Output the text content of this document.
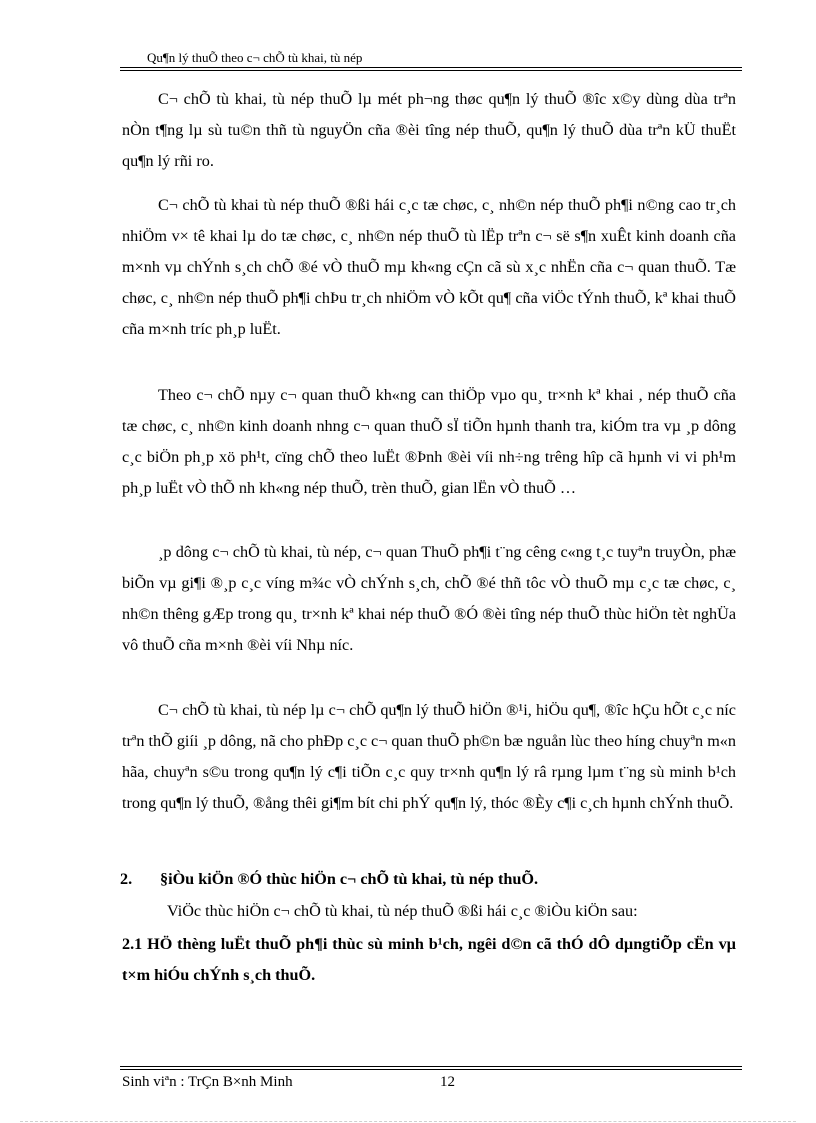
Qu¶n lý thuÕ theo c¬ chÕ tù khai, tù nép

C¬ chÕ tù khai, tù nép thuÕ lµ mét ph¬ng thøc qu¶n lý thuÕ ®îc x©y dùng dùa trªn nÒn t¶ng lµ sù tu©n thñ tù nguyÖn cña ®èi tîng nép thuÕ, qu¶n lý thuÕ dùa trªn kÜ thuËt qu¶n lý rñi ro.

C¬ chÕ tù khai tù nép thuÕ ®ßi hái c¸c tæ chøc, c¸ nh©n nép thuÕ ph¶i n©ng cao tr¸ch nhiÖm v× tê khai lµ do tæ chøc, c¸ nh©n nép thuÕ tù lËp trªn c¬ së s¶n xuÊt kinh doanh cña m×nh vµ chÝnh s¸ch chÕ ®é vÒ thuÕ mµ kh«ng cÇn cã sù x¸c nhËn cña c¬ quan thuÕ. Tæ chøc, c¸ nh©n nép thuÕ ph¶i chÞu tr¸ch nhiÖm vÒ kÕt qu¶ cña viÖc tÝnh thuÕ, kª khai thuÕ cña m×nh tríc ph¸p luËt.

Theo c¬ chÕ nµy c¬ quan thuÕ kh«ng can thiÖp vµo qu¸ tr×nh kª khai , nép thuÕ cña tæ chøc, c¸ nh©n kinh doanh nhng c¬ quan thuÕ sÏ tiÕn hµnh thanh tra, kiÓm tra vµ ¸p dông c¸c biÖn ph¸p xö ph¹t, cïng chÕ theo luËt ®Þnh ®èi víi nh÷ng trêng hîp cã hµnh vi vi ph¹m ph¸p luËt vÒ thÕ nh kh«ng nép thuÕ, trèn thuÕ, gian lËn vÒ thuÕ …

¸p dông c¬ chÕ tù khai, tù nép, c¬ quan ThuÕ ph¶i t¨ng cêng c«ng t¸c tuyªn truyÒn, phæ biÕn vµ gi¶i ®¸p c¸c víng m¾c vÒ chÝnh s¸ch, chÕ ®é thñ tôc vÒ thuÕ mµ c¸c tæ chøc, c¸ nh©n thêng gÆp trong qu¸ tr×nh kª khai nép thuÕ ®Ó ®èi tîng nép thuÕ thùc hiÖn tèt nghÜa vô thuÕ cña m×nh ®èi víi Nhµ níc.

C¬ chÕ tù khai, tù nép lµ c¬ chÕ qu¶n lý thuÕ hiÖn ®¹i, hiÖu qu¶, ®îc hÇu hÕt c¸c níc trªn thÕ giíi ¸p dông, nã cho phÐp c¸c c¬ quan thuÕ ph©n bæ nguån lùc theo híng chuyªn m«n hãa, chuyªn s©u trong qu¶n lý c¶i tiÕn c¸c quy tr×nh qu¶n lý râ rµng lµm t¨ng sù minh b¹ch trong qu¶n lý thuÕ, ®ång thêi gi¶m bít chi phÝ qu¶n lý, thóc ®Èy c¶i c¸ch hµnh chÝnh thuÕ.

2. §iÒu kiÖn ®Ó thùc hiÖn c¬ chÕ tù khai, tù nép thuÕ.

ViÖc thùc hiÖn c¬ chÕ tù khai, tù nép thuÕ ®ßi hái c¸c ®iÒu kiÖn sau:

2.1 HÖ thèng luËt thuÕ ph¶i thùc sù minh b¹ch, ngêi d©n cã thÓ dÔ dµngtiÕp cËn vµ t×m hiÓu chÝnh s¸ch thuÕ.
Sinh viªn : TrÇn B×nh Minh	12
